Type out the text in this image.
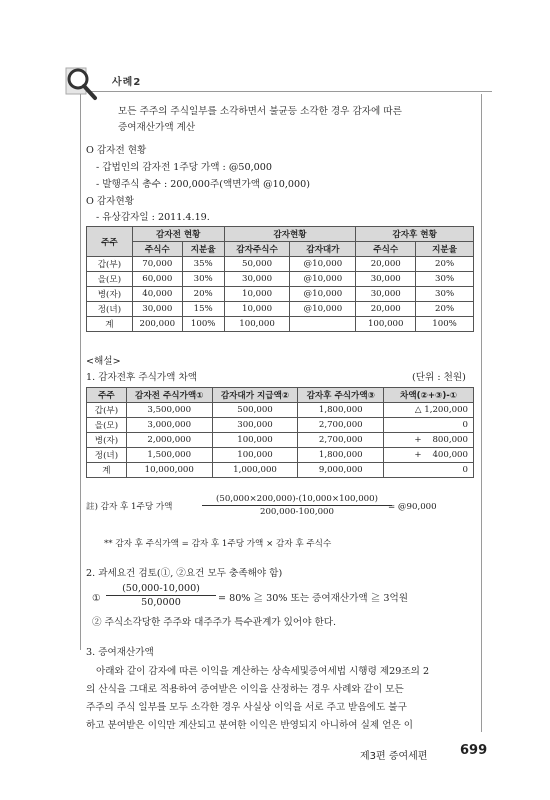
사례2
모든 주주의 주식일부를 소각하면서 불균등 소각한 경우 감자에 따른
증여재산가액 계산
O 감자전 현황
- 갑법인의 감자전 1주당 가액 : @50,000
- 발행주식 총수 : 200,000주(액면가액 @10,000)
O 감자현황
- 유상감자일 : 2011.4.19.
주주	감자전 현황		감자현황		감자후 현황	
	주식수	지분율	감자주식수	감자대가	주식수	지분율
갑(부)	70,000	35%	50,000	@10,000	20,000	20%
을(모)	60,000	30%	30,000	@10,000	30,000	30%
병(자)	40,000	20%	10,000	@10,000	30,000	30%
정(녀)	30,000	15%	10,000	@10,000	20,000	20%
계	200,000	100%	100,000		100,000	100%
<해설>
1. 감자전후 주식가액 차액	(단위 : 천원)
주주	감자전 주식가액①	감자대가 지급액②	감자후 주식가액③	차액(②+③)-①
갑(부)	3,500,000	500,000	1,800,000	△ 1,200,000
을(모)	3,000,000	300,000	2,700,000	0
병(자)	2,000,000	100,000	2,700,000	+    800,000
정(녀)	1,500,000	100,000	1,800,000	+    400,000
계	10,000,000	1,000,000	9,000,000	0
註) 감자 후 1주당 가액	$\frac{(50,000\times 200,000)-(10,000\times 100,000)}{200,000-100,000}$
= @90,000
** 감자 후 주식가액 = 감자 후 1주당 가액 × 감자 후 주식수
2. 과세요건 검토(①, ②요건 모두 충족해야 함)
① $\frac{(50,000-10,000)}{50,0000} = 80\%$ ≧ 30% 또는 증여재산가액 ≧ 3억원
② 주식소각당한 주주와 대주주가 특수관계가 있어야 한다.
3. 증여재산가액
아래와 같이 감자에 따른 이익을 계산하는 상속세및증여세법 시행령 제29조의 2
의 산식을 그대로 적용하여 증여받은 이익을 산정하는 경우 사례와 같이 모든
주주의 주식 일부를 모두 소각한 경우 사실상 이익을 서로 주고 받음에도 불구
하고 분여받은 이익만 계산되고 분여한 이익은 반영되지 아니하여 실제 얻은 이
제3편 증여세편 699
